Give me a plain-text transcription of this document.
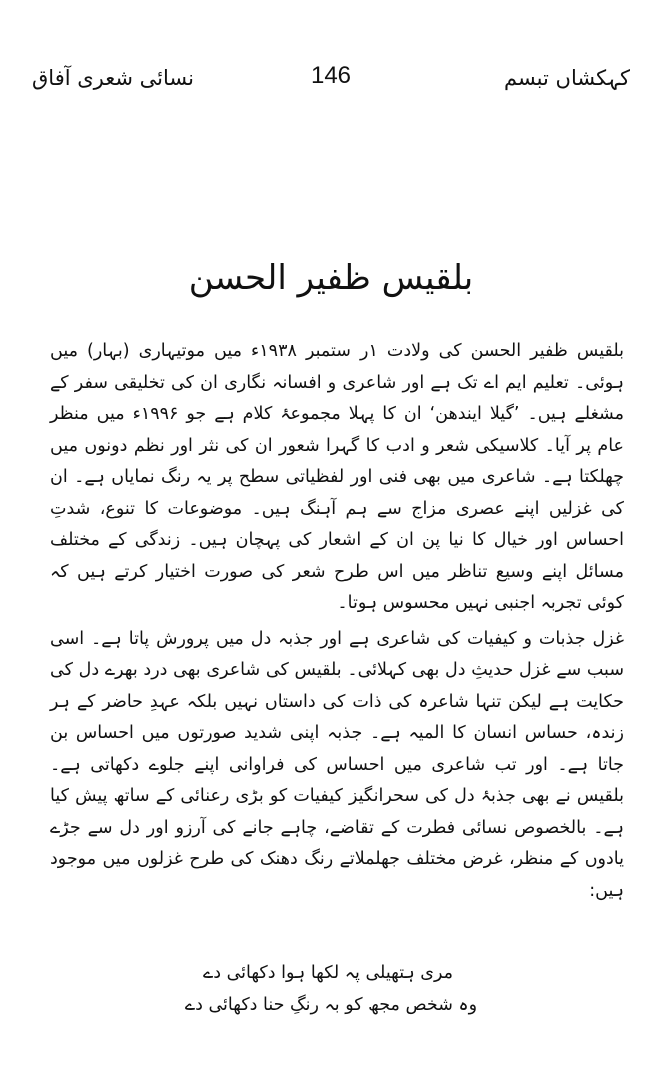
کہکشاں تبسم
146
نسائی شعری آفاق
بلقیس ظفیر الحسن

بلقیس ظفیر الحسن کی ولادت ۱ر ستمبر ۱۹۳۸ء میں موتیہاری (بہار) میں ہوئی۔ تعلیم ایم اے تک ہے اور شاعری و افسانہ نگاری ان کی تخلیقی سفر کے مشغلے ہیں۔ ’گیلا ایندھن‘ ان کا پہلا مجموعۂ کلام ہے جو ۱۹۹۶ء میں منظر عام پر آیا۔ کلاسیکی شعر و ادب کا گہرا شعور ان کی نثر اور نظم دونوں میں چھلکتا ہے۔ شاعری میں بھی فنی اور لفظیاتی سطح پر یہ رنگ نمایاں ہے۔ ان کی غزلیں اپنے عصری مزاج سے ہم آہنگ ہیں۔ موضوعات کا تنوع، شدتِ احساس اور خیال کا نیا پن ان کے اشعار کی پہچان ہیں۔ زندگی کے مختلف مسائل اپنے وسیع تناظر میں اس طرح شعر کی صورت اختیار کرتے ہیں کہ کوئی تجربہ اجنبی نہیں محسوس ہوتا۔

غزل جذبات و کیفیات کی شاعری ہے اور جذبہ دل میں پرورش پاتا ہے۔ اسی سبب سے غزل حدیثِ دل بھی کہلائی۔ بلقیس کی شاعری بھی درد بھرے دل کی حکایت ہے لیکن تنہا شاعرہ کی ذات کی داستاں نہیں بلکہ عہدِ حاضر کے ہر زندہ، حساس انسان کا المیہ ہے۔ جذبہ اپنی شدید صورتوں میں احساس بن جاتا ہے۔ اور تب شاعری میں احساس کی فراوانی اپنے جلوے دکھاتی ہے۔ بلقیس نے بھی جذبۂ دل کی سحرانگیز کیفیات کو بڑی رعنائی کے ساتھ پیش کیا ہے۔ بالخصوص نسائی فطرت کے تقاضے، چاہے جانے کی آرزو اور دل سے جڑے یادوں کے منظر، غرض مختلف جھلملاتے رنگ دھنک کی طرح غزلوں میں موجود ہیں:

مری ہتھیلی پہ لکھا ہوا دکھائی دے
وہ شخص مجھ کو بہ رنگِ حنا دکھائی دے
